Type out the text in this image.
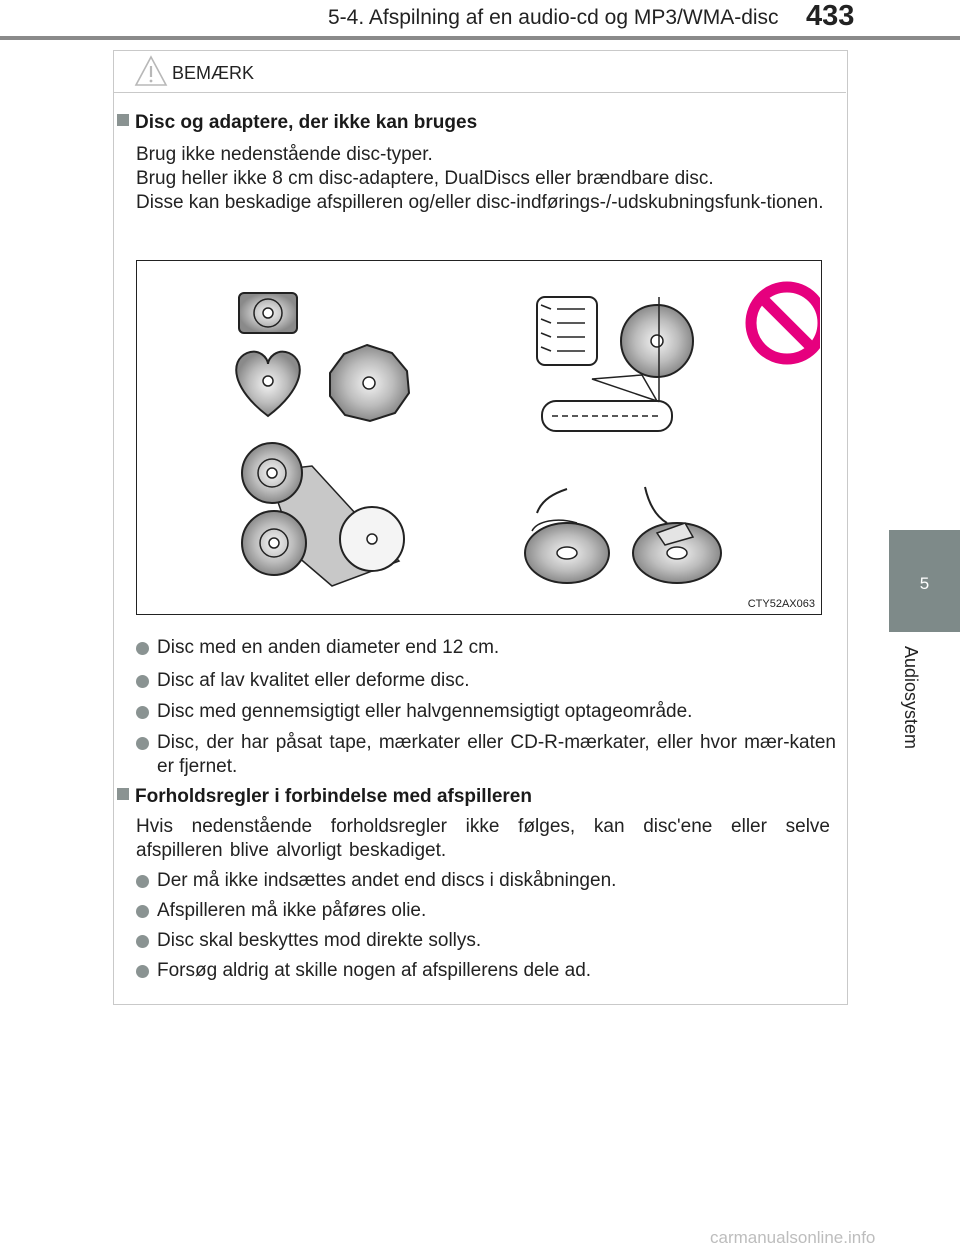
5-4. Afspilning af en audio-cd og MP3/WMA-disc 433
5
Audiosystem
BEMÆRK
Disc og adaptere, der ikke kan bruges
Brug ikke nedenstående disc-typer.
Brug heller ikke 8 cm disc-adaptere, DualDiscs eller brændbare disc.
Disse kan beskadige afspilleren og/eller disc-indførings-/-udskubningsfunk-tionen.
CTY52AX063
Disc med en anden diameter end 12 cm.
Disc af lav kvalitet eller deforme disc.
Disc med gennemsigtigt eller halvgennemsigtigt optageområde.
Disc, der har påsat tape, mærkater eller CD-R-mærkater, eller hvor mær-katen er fjernet.
Forholdsregler i forbindelse med afspilleren
Hvis nedenstående forholdsregler ikke følges, kan disc'ene eller selve afspilleren blive alvorligt beskadiget.
Der må ikke indsættes andet end discs i diskåbningen.
Afspilleren må ikke påføres olie.
Disc skal beskyttes mod direkte sollys.
Forsøg aldrig at skille nogen af afspillerens dele ad.
carmanualsonline.info
